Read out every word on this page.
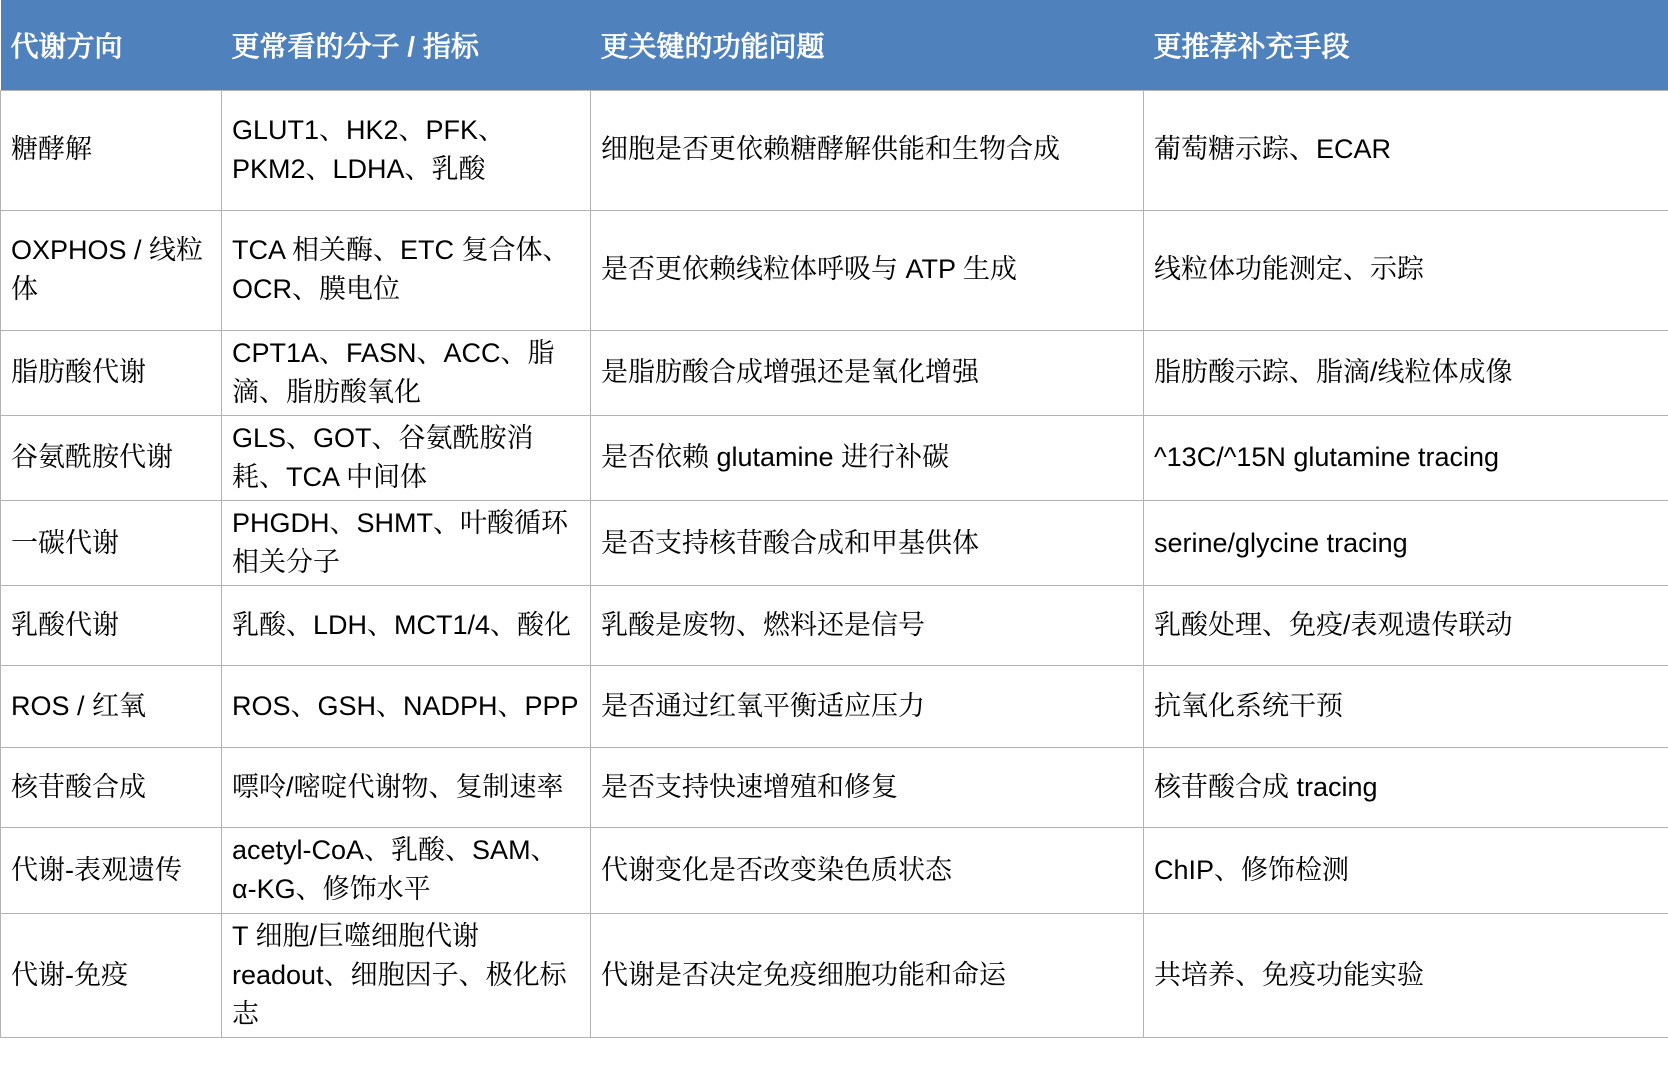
代谢方向	更常看的分子 / 指标	更关键的功能问题	更推荐补充手段
糖酵解	GLUT1、HK2、PFK、PKM2、LDHA、乳酸	细胞是否更依赖糖酵解供能和生物合成	葡萄糖示踪、ECAR
OXPHOS / 线粒体	TCA 相关酶、ETC 复合体、OCR、膜电位	是否更依赖线粒体呼吸与 ATP 生成	线粒体功能测定、示踪
脂肪酸代谢	CPT1A、FASN、ACC、脂滴、脂肪酸氧化	是脂肪酸合成增强还是氧化增强	脂肪酸示踪、脂滴/线粒体成像
谷氨酰胺代谢	GLS、GOT、谷氨酰胺消耗、TCA 中间体	是否依赖 glutamine 进行补碳	^13C/^15N glutamine tracing
一碳代谢	PHGDH、SHMT、叶酸循环相关分子	是否支持核苷酸合成和甲基供体	serine/glycine tracing
乳酸代谢	乳酸、LDH、MCT1/4、酸化	乳酸是废物、燃料还是信号	乳酸处理、免疫/表观遗传联动
ROS / 红氧	ROS、GSH、NADPH、PPP	是否通过红氧平衡适应压力	抗氧化系统干预
核苷酸合成	嘌呤/嘧啶代谢物、复制速率	是否支持快速增殖和修复	核苷酸合成 tracing
代谢-表观遗传	acetyl-CoA、乳酸、SAM、α-KG、修饰水平	代谢变化是否改变染色质状态	ChIP、修饰检测
代谢-免疫	T 细胞/巨噬细胞代谢 readout、细胞因子、极化标志	代谢是否决定免疫细胞功能和命运	共培养、免疫功能实验
